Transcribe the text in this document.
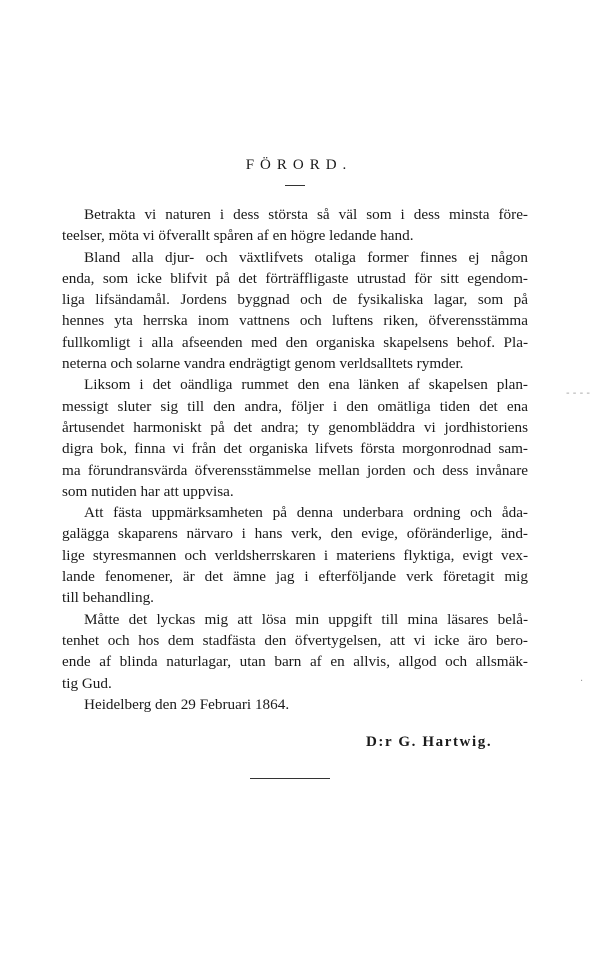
FÖRORD.
Betrakta vi naturen i dess största så väl som i dess minsta före-
teelser, möta vi öfverallt spåren af en högre ledande hand.
Bland alla djur- och växtlifvets otaliga former finnes ej någon
enda, som icke blifvit på det förträffligaste utrustad för sitt egendom-
liga lifsändamål. Jordens byggnad och de fysikaliska lagar, som på
hennes yta herrska inom vattnens och luftens riken, öfverensstämma
fullkomligt i alla afseenden med den organiska skapelsens behof. Pla-
neterna och solarne vandra endrägtigt genom verldsalltets rymder.
Liksom i det oändliga rummet den ena länken af skapelsen plan-
messigt sluter sig till den andra, följer i den omätliga tiden det ena
årtusendet harmoniskt på det andra; ty genombläddra vi jordhistoriens
digra bok, finna vi från det organiska lifvets första morgonrodnad sam-
ma förundransvärda öfverensstämmelse mellan jorden och dess invånare
som nutiden har att uppvisa.
Att fästa uppmärksamheten på denna underbara ordning och åda-
galägga skaparens närvaro i hans verk, den evige, oföränderlige, änd-
lige styresmannen och verldsherrskaren i materiens flyktiga, evigt vex-
lande fenomener, är det ämne jag i efterföljande verk företagit mig
till behandling.
Måtte det lyckas mig att lösa min uppgift till mina läsares belå-
tenhet och hos dem stadfästa den öfvertygelsen, att vi icke äro bero-
ende af blinda naturlagar, utan barn af en allvis, allgod och allsmäk-
tig Gud.
Heidelberg den 29 Februari 1864.
D:r G. Hartwig.
- - - -
·
